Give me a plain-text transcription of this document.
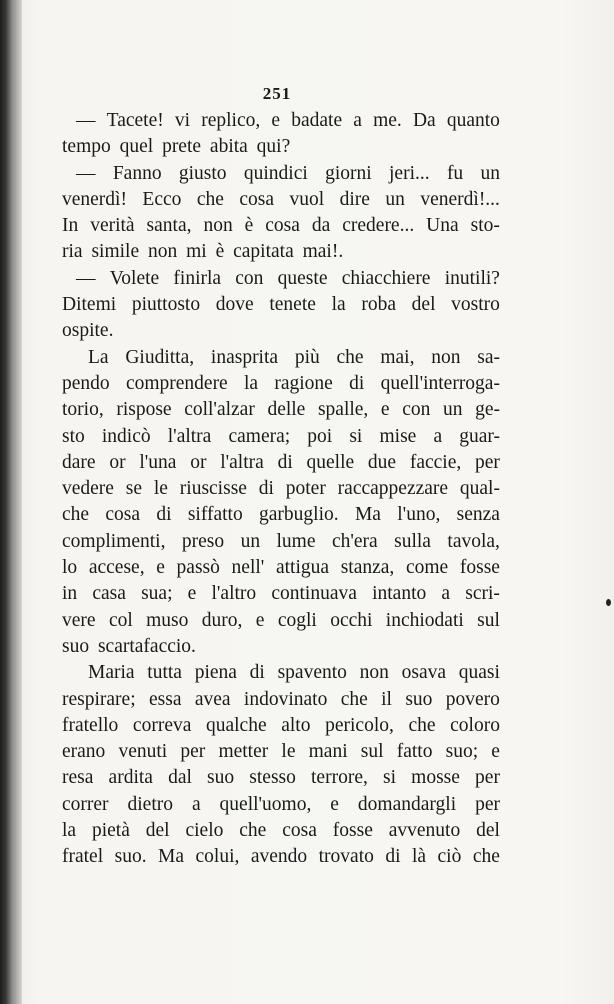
251
— Tacete! vi replico, e badate a me. Da quanto
tempo quel prete abita qui?
— Fanno giusto quindici giorni jeri... fu un
venerdì! Ecco che cosa vuol dire un venerdì!...
In verità santa, non è cosa da credere... Una sto-
ria simile non mi è capitata mai!.
— Volete finirla con queste chiacchiere inutili?
Ditemi piuttosto dove tenete la roba del vostro
ospite.
La Giuditta, inasprita più che mai, non sa-
pendo comprendere la ragione di quell'interroga-
torio, rispose coll'alzar delle spalle, e con un ge-
sto indicò l'altra camera; poi si mise a guar-
dare or l'una or l'altra di quelle due faccie, per
vedere se le riuscisse di poter raccappezzare qual-
che cosa di siffatto garbuglio. Ma l'uno, senza
complimenti, preso un lume ch'era sulla tavola,
lo accese, e passò nell' attigua stanza, come fosse
in casa sua; e l'altro continuava intanto a scri-
vere col muso duro, e cogli occhi inchiodati sul
suo scartafaccio.
Maria tutta piena di spavento non osava quasi
respirare; essa avea indovinato che il suo povero
fratello correva qualche alto pericolo, che coloro
erano venuti per metter le mani sul fatto suo; e
resa ardita dal suo stesso terrore, si mosse per
correr dietro a quell'uomo, e domandargli per
la pietà del cielo che cosa fosse avvenuto del
fratel suo. Ma colui, avendo trovato di là ciò che
